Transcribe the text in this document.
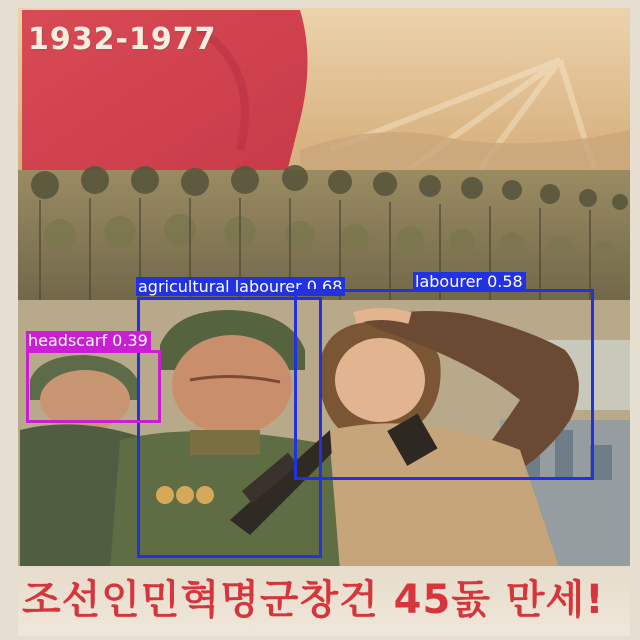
1932-1977
조선인민혁명군창건 45돐 만세!
agricultural labourer 0.68	labourer 0.58
headscarf 0.39
